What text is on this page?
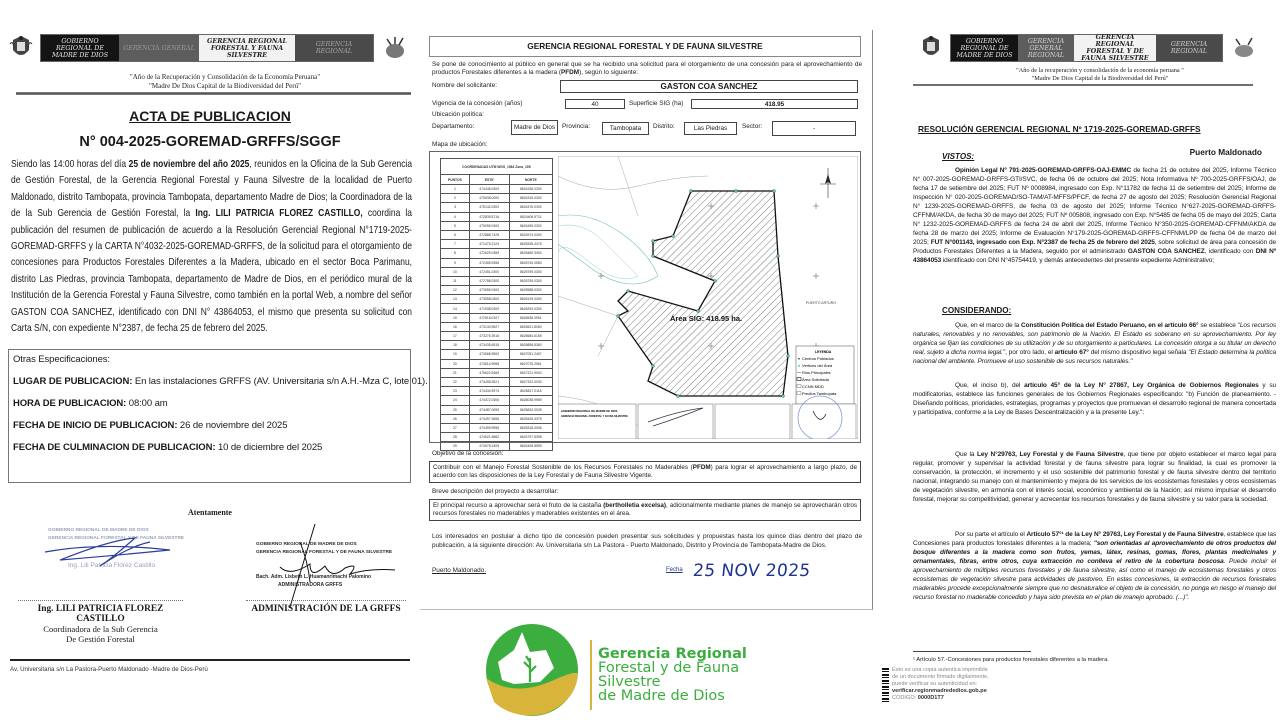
GOBIERNO REGIONAL DE MADRE DE DIOS
GERENCIA GENERAL
GERENCIA REGIONAL FORESTAL Y FAUNA SILVESTRE
GERENCIA REGIONAL
"Año de la Recuperación y Consolidación de la Economía Peruana"
"Madre De Dios Capital de la Biodiversidad del Perú"
ACTA DE PUBLICACION
N° 004-2025-GOREMAD-GRFFS/SGGF
Siendo las 14:00 horas del día 25 de noviembre del año 2025, reunidos en la Oficina de la Sub Gerencia de Gestión Forestal, de la Gerencia Regional Forestal y Fauna Silvestre de la localidad de Puerto Maldonado, distrito Tambopata, provincia Tambopata, departamento Madre de Dios; la Coordinadora de la de la Sub Gerencia de Gestión Forestal, la Ing. LILI PATRICIA FLOREZ CASTILLO, coordina la publicación del resumen de publicación de acuerdo a la Resolución Gerencial Regional N°1719-2025-GOREMAD-GRFFS y la CARTA N°4032-2025-GOREMAD-GRFFS, de la solicitud para el otorgamiento de concesiones para Productos Forestales Diferentes a la Madera, ubicado en el sector Boca Parimanu, distrito Las Piedras, provincia Tambopata, departamento de Madre de Dios, en el periódico mural de la Institución de la Gerencia Forestal y Fauna Silvestre, como también en la portal Web, a nombre del señor GASTON COA SANCHEZ, identificado con DNI N° 43864053, el mismo que presenta su solicitud con Carta S/N, con expediente N°2387, de fecha 25 de febrero del 2025.
Otras Especificaciones:
LUGAR DE PUBLICACION: En las instalaciones GRFFS (AV. Universitaria s/n A.H.-Mza C, lote 01).
HORA DE PUBLICACION: 08:00 am
FECHA DE INICIO DE PUBLICACION: 26 de noviembre del 2025
FECHA DE CULMINACION DE PUBLICACION: 10 de diciembre del 2025
Atentamente
GOBIERNO REGIONAL DE MADRE DE DIOS
GERENCIA REGIONAL FORESTAL Y DE FAUNA SILVESTRE
Ing. Lili Patricia Florez Castillo
Ing. LILI PATRICIA FLOREZ CASTILLO
Coordinadora de la Sub Gerencia
De Gestión Forestal
GOBIERNO REGIONAL DE MADRE DE DIOS
GERENCIA REGIONAL FORESTAL Y DE FAUNA SILVESTRE
Bach. Adm. Lisbeth L. Huamanrimachi Palomino
ADMINISTRADORA GRFFS
ADMINISTRACIÓN DE LA GRFFS
Av. Universitaria s/n La Pastora-Puerto Maldonado -Madre de Dios-Perú
GERENCIA REGIONAL FORESTAL Y DE FAUNA SILVESTRE
Se pone de conocimiento al público en general que se ha recibido una solicitud para el otorgamiento de una concesión para el aprovechamiento de productos Forestales diferentes a la madera (PFDM), según lo siguiente:
Nombre del solicitante:	GASTON COA SANCHEZ
Vigencia de la concesión (años)	40	Superficie SIG (ha)	418.95
Ubicación política:
Departamento:	Madre de Dios	Provincia:	Tambopata	Distrito:	Las Piedras	Sector:	-
Mapa de ubicación:
COORDENADAS UTM WGS_1984 Zona_19S		
PUNTOS	ESTE	NORTE
1	474446.0300	8624336.0300
2	475538.0000	8624316.0300
3	475142.0300	8624376.0300
4	472835.5716	8624406.9711
5	475055.0300	8624495.0300
6	472888.7425	8624574.0300
7	471475.2124	8625335.4476
8	472629.0385	8625480.9454
9	472455.9356	8625740.0583
10	472451.0300	8625759.0300
11	472788.0300	8625759.0300
12	473555.0300	8625588.0300
13	473558.0300	8626129.0300
14	471938.0300	8626294.0300
15	472916.0107	8626536.0951
16	473130.9527	8626521.8060
17	473275.3916	8626684.6165
18	473435.6915	8626858.8360
19	473568.9500	8627051.2457
20	473614.9958	8627075.2561
21	475622.5365	8627221.9000
22	474408.3521	8627322.0030
23	474434.9974	8626817.0118
24	474472.0306	8626038.9989
25	474487.0055	8625832.0025
26	474497.3656	8625426.3375
27	474499.9956	8625318.0006
28	474521.5882	8624797.5398
29	474578.2405	8624408.8559
Área SIG: 418.95 ha.
PUERTO ARTURO
LEYENDA
Centros Poblados
Vertices del Área
Rios Principales
Área Solicitada
CCNN MDD
Predios Tambopata
GOBIERNO REGIONAL DE MADRE DE DIOS
GERENCIA REGIONAL FORESTAL Y FAUNA SILVESTRE
Objetivo de la concesión:
Contribuir con el Manejo Forestal Sostenible de los Recursos Forestales no Maderables (PFDM) para lograr el aprovechamiento a largo plazo, de acuerdo con las disposiciones de la Ley Forestal y de Fauna Silvestre Vigente.
Breve descripción del proyecto a desarrollar:
El principal recurso a aprovechar será el fruto de la castaña (bertholletia excelsa), adicionalmente mediante planes de manejo se aprovecharán otros recursos forestales no maderables y maderables existentes en el área.
Los interesados en postular a dicho tipo de concesión pueden presentar sus solicitudes y propuestas hasta los quince días dentro del plazo de publicación, a la siguiente dirección: Av. Universitaria s/n La Pastora - Puerto Maldonado, Distrito y Provincia de Tambopata-Madre de Dios.
Puerto Maldonado.	Fecha 25 NOV 2025
Gerencia Regional
Forestal y de Fauna Silvestre
de Madre de Dios
GOBIERNO REGIONAL DE MADRE DE DIOS
GERENCIA GENERAL REGIONAL
GERENCIA REGIONAL FORESTAL Y DE FAUNA SILVESTRE
GERENCIA REGIONAL
"Año de la recuperación y consolidación de la economía peruana "
"Madre De Dios Capital de la Biodiversidad del Perú"
RESOLUCIÓN GERENCIAL REGIONAL Nº 1719-2025-GOREMAD-GRFFS
Puerto Maldonado
VISTOS:
Opinión Legal Nº 791-2025-GOREMAD-GRFFS-OAJ-EMMC de fecha 21 de octubre del 2025, Informe Técnico N° 007-2025-GOREMAD-GRFFS-GTI/SVC, de fecha 06 de octubre del 2025; Nota Informativa Nº 700-2025-GRFFS/OAJ, de fecha 17 de setiembre del 2025; FUT Nº 0008984, ingresado con Exp. N°11782 de fecha 11 de setiembre del 2025; Informe de Inspección N° 020-2025-GOREMAD/SO-TAM/AT-MFFS/PFCF, de fecha 27 de agosto del 2025; Resolución Gerencial Regional N° 1239-2025-GOREMAD-GRFFS, de fecha 03 de agosto del 2025; Informe Técnico N°627-2025-GOREMAD-GRFFS-CFFNM/AKDA, de fecha 30 de mayo del 2025; FUT Nº 005808, ingresado con Exp. N°5485 de fecha 05 de mayo del 2025; Carta N° 1232-2025-GOREMAD-GRFFS de fecha 24 de abril del 2025, Informe Técnico N°350-2025-GOREMAD-CFFNM/AKDA de fecha 28 de marzo del 2025; Informe de Evaluación N°179-2025-GOREMAD-GRFFS-CFFNM/LPP de fecha 04 de marzo del 2025; FUT N°001143, ingresado con Exp. N°2387 de fecha 25 de febrero del 2025, sobre solicitud de área para concesión de Productos Forestales Diferentes a la Madera, seguido por el administrado GASTON COA SANCHEZ, identificado con DNI Nº 43864053 identificado con DNI N°45754419, y demás antecedentes del presente expediente Administrativo;
CONSIDERANDO:
Que, en el marco de la Constitución Política del Estado Peruano, en el artículo 66° se establece "Los recursos naturales, renovables y no renovables, son patrimonio de la Nación. El Estado es soberano en su aprovechamiento. Por ley orgánica se fijan las condiciones de su utilización y de su otorgamiento a particulares. La concesión otorga a su titular un derecho real, sujeto a dicha norma legal.", por otro lado, el artículo 67° del mismo dispositivo legal señala "El Estado determina la política nacional del ambiente. Promueve el uso sostenible de sus recursos naturales."
Que, el inciso b), del artículo 45° de la Ley N° 27867, Ley Orgánica de Gobiernos Regionales y su modificatorias, establece las funciones generales de los Gobiernos Regionales especificando: "b) Función de planeamiento. - Diseñando políticas, prioridades, estrategias, programas y proyectos que promuevan el desarrollo regional de manera concertada y participativa, conforme a la Ley de Bases Descentralización y a la presente Ley.";
Que la Ley N°29763, Ley Forestal y de Fauna Silvestre, que tiene por objeto establecer el marco legal para regular, promover y supervisar la actividad forestal y de fauna silvestre para lograr su finalidad, la cual es promover la conservación, la protección, el incremento y el uso sostenible del patrimonio forestal y de fauna silvestre dentro del territorio nacional, integrando su manejo con el mantenimiento y mejora de los servicios de los ecosistemas forestales y otros ecosistemas de vegetación silvestre, en armonía con el interés social, económico y ambiental de la Nación; así mismo impulsar el desarrollo forestal, mejorar su competitividad, generar y acrecentar los recursos forestales y de fauna silvestre y su valor para la sociedad.
Por su parte el artículo el Artículo 57°¹ de la Ley N° 29763, Ley Forestal y de Fauna Silvestre, establece que las Concesiones para productos forestales diferentes a la madera; "son orientadas al aprovechamiento de otros productos del bosque diferentes a la madera como son frutos, yemas, látex, resinas, gomas, flores, plantas medicinales y ornamentales, fibras, entre otros, cuya extracción no conlleva el retiro de la cobertura boscosa. Puede incluir el aprovechamiento de múltiples recursos forestales y de fauna silvestre, así como el manejo de ecosistemas forestales y otros ecosistemas de vegetación silvestre para actividades de pastoreo. En estas concesiones, la extracción de recursos forestales maderables procede excepcionalmente siempre que no desnaturalice el objeto de la concesión, no ponga en riesgo el manejo del recurso forestal no maderable concedido y haya sido prevista en el plan de manejo aprobado. (...)".
¹ Artículo 57.-Concesiones para productos forestales diferentes a la madera.
Esto es una copia autentica imprimible
de un documento firmado digitalmente,
puede verificar su autenticidad en:
verificar.regionmadrededios.gob.pe
CODIGO: 0000D1T7
